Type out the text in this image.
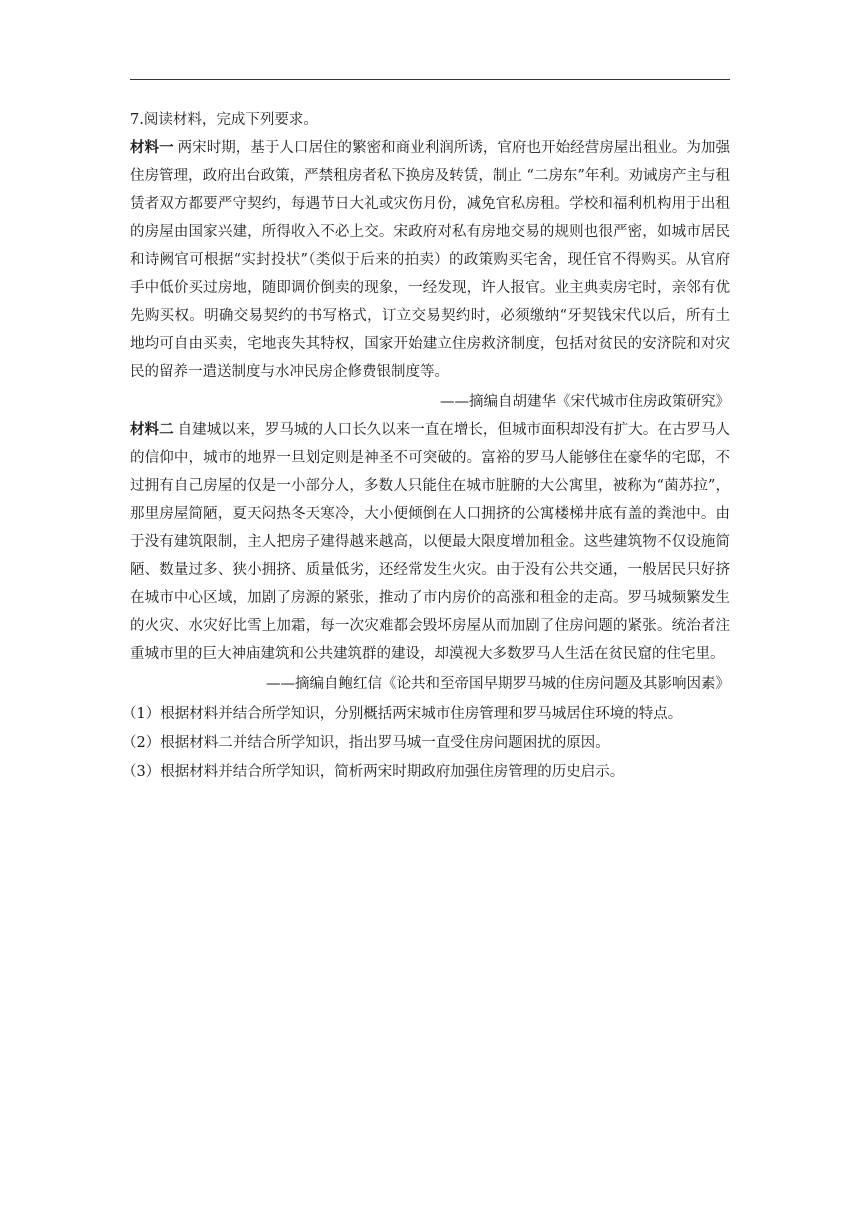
7.阅读材料，完成下列要求。

材料一 两宋时期，基于人口居住的繁密和商业利润所诱，官府也开始经营房屋出租业。为加强住房管理，政府出台政策，严禁租房者私下换房及转赁，制止 “二房东”年利。劝诫房产主与租赁者双方都要严守契约，每遇节日大礼或灾伤月份，减免官私房租。学校和福利机构用于出租的房屋由国家兴建，所得收入不必上交。宋政府对私有房地交易的规则也很严密，如城市居民和诗阙官可根据“实封投状”（类似于后来的拍卖）的政策购买宅舍，现任官不得购买。从官府手中低价买过房地，随即调价倒卖的现象，一经发现，许人报官。业主典卖房宅时，亲邻有优先购买权。明确交易契约的书写格式，订立交易契约时，必须缴纳“牙契钱宋代以后，所有土地均可自由买卖，宅地丧失其特权，国家开始建立住房救济制度，包括对贫民的安济院和对灾民的留养一遣送制度与水冲民房企修费银制度等。

——摘编自胡建华《宋代城市住房政策研究》

材料二 自建城以来，罗马城的人口长久以来一直在增长，但城市面积却没有扩大。在古罗马人的信仰中，城市的地界一旦划定则是神圣不可突破的。富裕的罗马人能够住在豪华的宅邸，不过拥有自己房屋的仅是一小部分人，多数人只能住在城市脏腑的大公寓里，被称为“菌苏拉”，那里房屋简陋，夏天闷热冬天寒冷，大小便倾倒在人口拥挤的公寓楼梯井底有盖的粪池中。由于没有建筑限制，主人把房子建得越来越高，以便最大限度增加租金。这些建筑物不仅设施简陋、数量过多、狭小拥挤、质量低劣，还经常发生火灾。由于没有公共交通，一般居民只好挤在城市中心区域，加剧了房源的紧张，推动了市内房价的高涨和租金的走高。罗马城频繁发生的火灾、水灾好比雪上加霜，每一次灾难都会毁坏房屋从而加剧了住房问题的紧张。统治者注重城市里的巨大神庙建筑和公共建筑群的建设，却漠视大多数罗马人生活在贫民窟的住宅里。

——摘编自鲍红信《论共和至帝国早期罗马城的住房问题及其影响因素》

（1）根据材料并结合所学知识，分别概括两宋城市住房管理和罗马城居住环境的特点。
（2）根据材料二并结合所学知识，指出罗马城一直受住房问题困扰的原因。
（3）根据材料并结合所学知识，简析两宋时期政府加强住房管理的历史启示。
